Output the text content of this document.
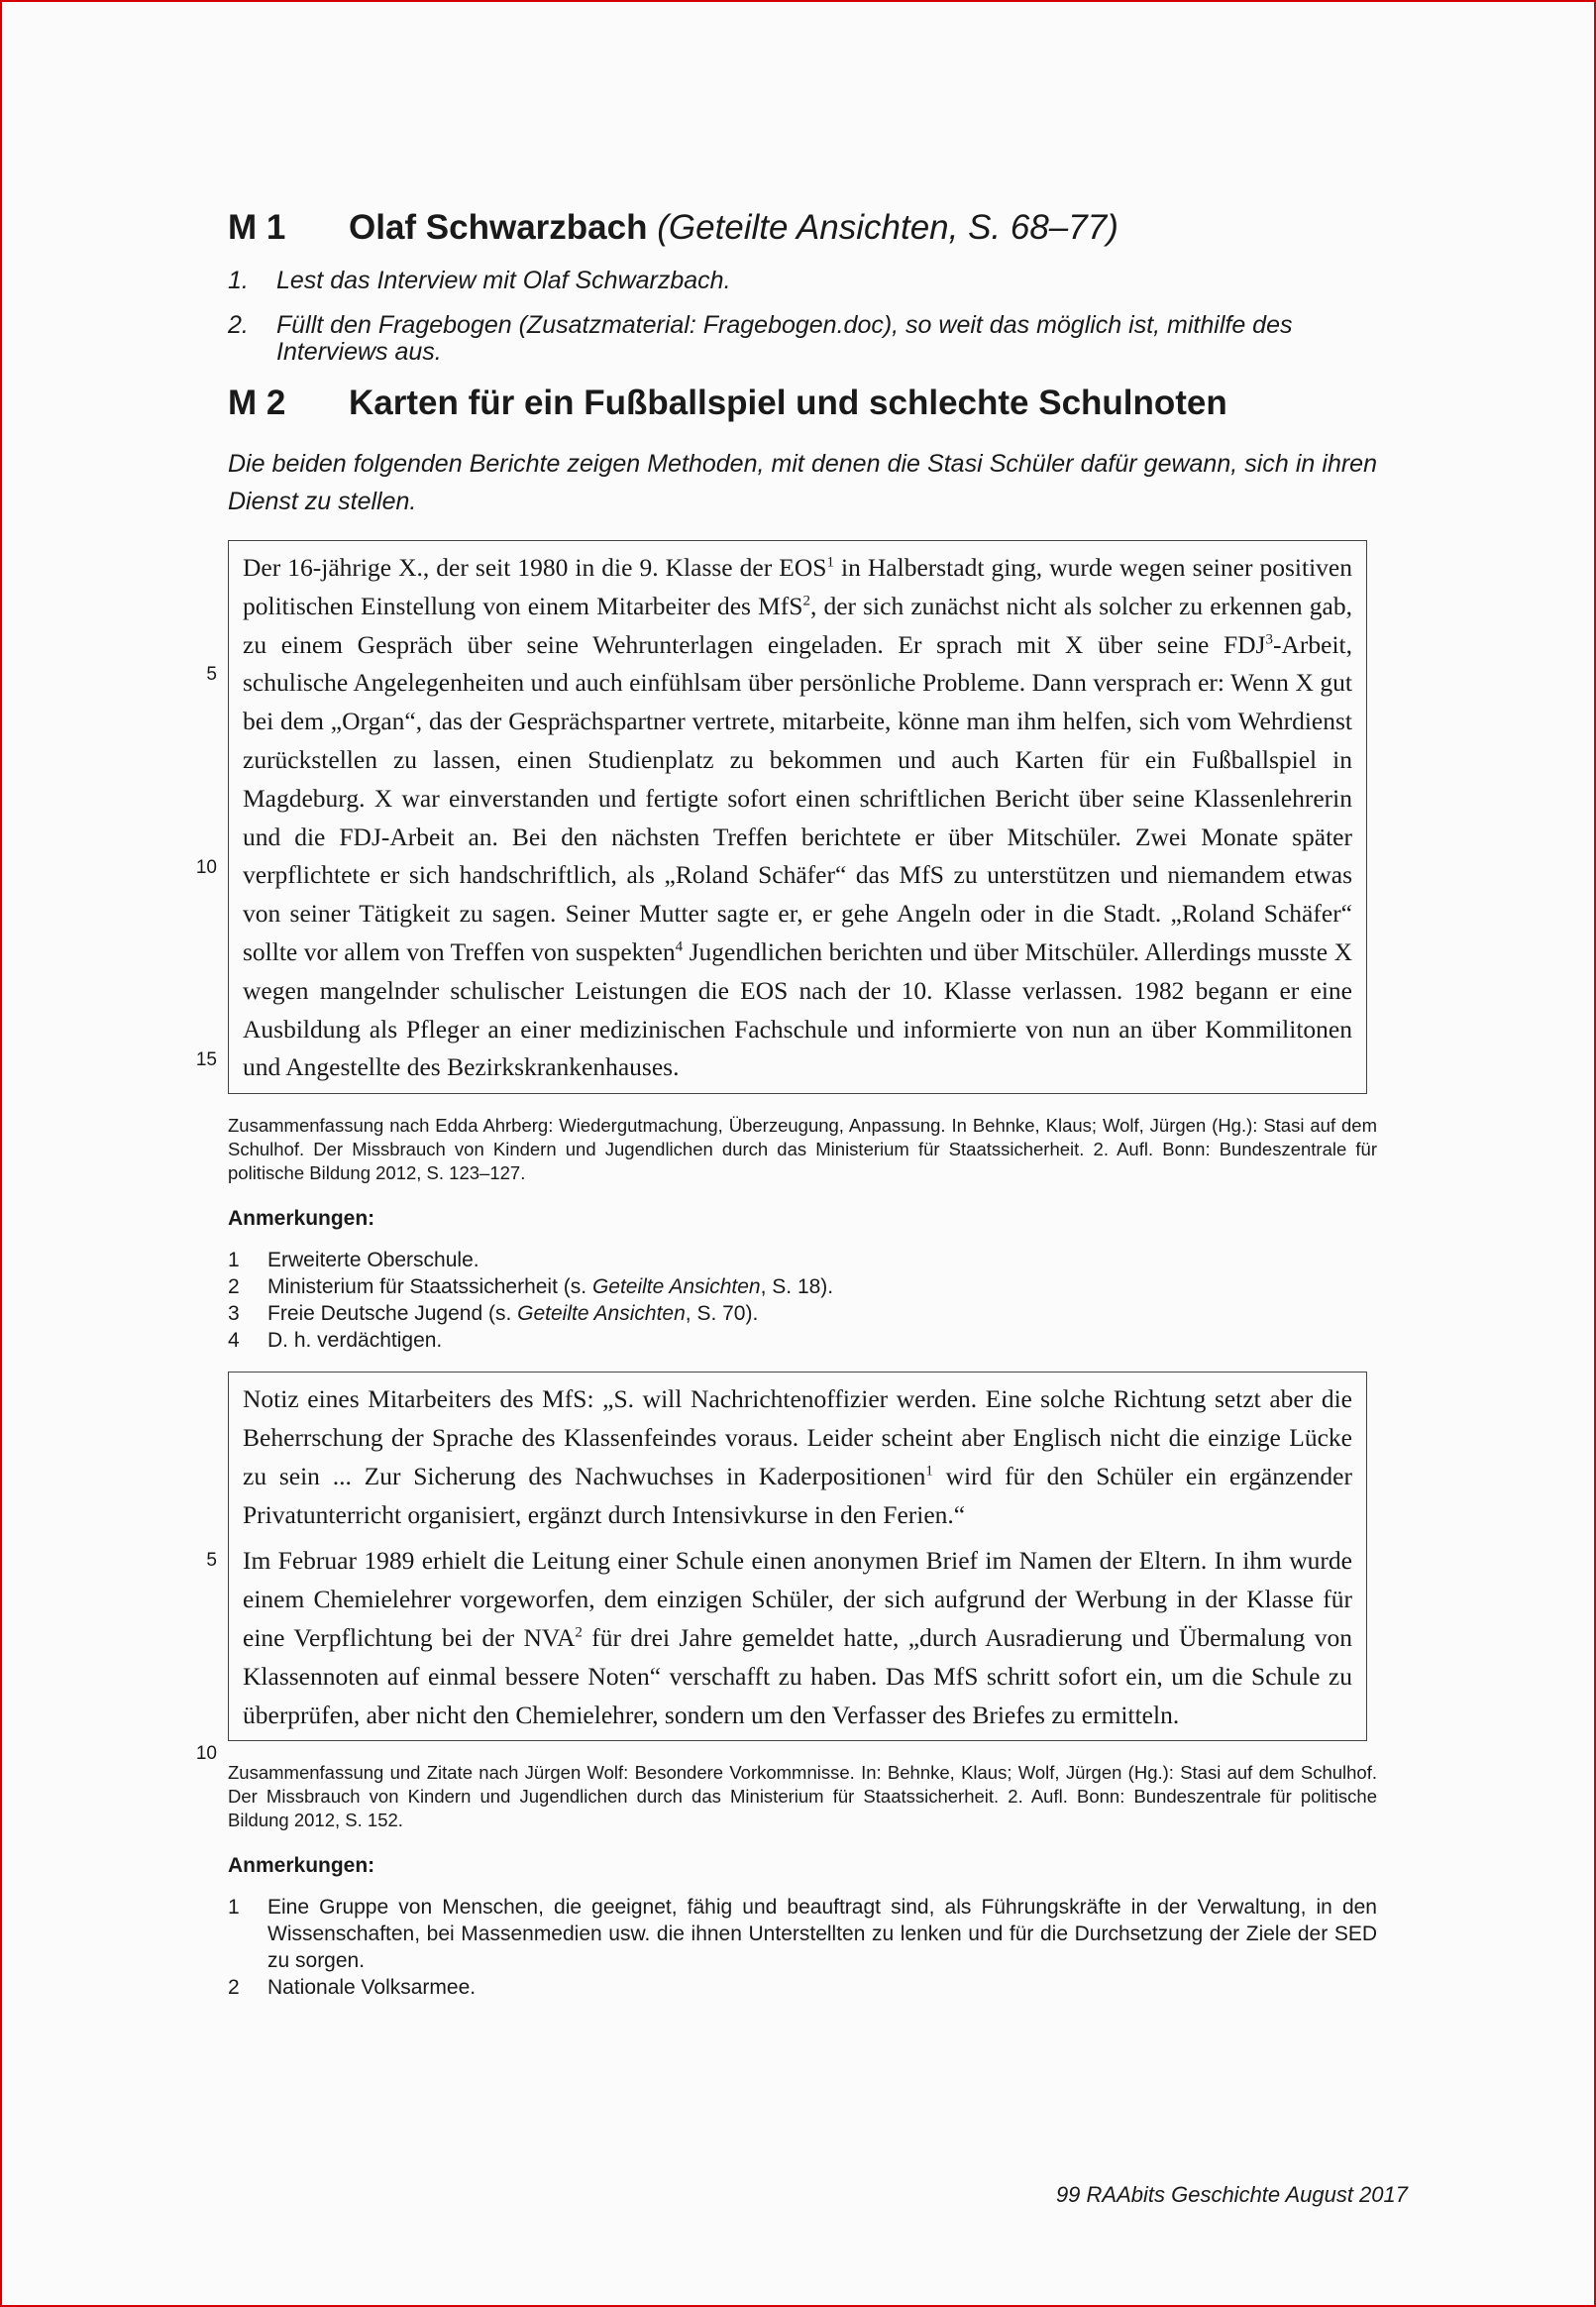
M 1	Olaf Schwarzbach (Geteilte Ansichten, S. 68–77)
1.	Lest das Interview mit Olaf Schwarzbach.
2.	Füllt den Fragebogen (Zusatzmaterial: Fragebogen.doc), so weit das möglich ist, mithilfe des Interviews aus.
M 2	Karten für ein Fußballspiel und schlechte Schulnoten

Die beiden folgenden Berichte zeigen Methoden, mit denen die Stasi Schüler dafür gewann, sich in ihren Dienst zu stellen.

5
10
15

Der 16-jährige X., der seit 1980 in die 9. Klasse der EOS$^1$ in Halberstadt ging, wurde wegen seiner positiven politischen Einstellung von einem Mitarbeiter des MfS$^2$, der sich zunächst nicht als solcher zu erkennen gab, zu einem Gespräch über seine Wehrunterlagen eingeladen. Er sprach mit X über seine FDJ$^3$-Arbeit, schulische Angelegenheiten und auch einfühlsam über persönliche Probleme. Dann versprach er: Wenn X gut bei dem „Organ“, das der Gesprächspartner vertrete, mitarbeite, könne man ihm helfen, sich vom Wehrdienst zurückstellen zu lassen, einen Studienplatz zu bekommen und auch Karten für ein Fußballspiel in Magdeburg. X war einverstanden und fertigte sofort einen schriftlichen Bericht über seine Klassenlehrerin und die FDJ-Arbeit an. Bei den nächsten Treffen berichtete er über Mitschüler. Zwei Monate später verpflichtete er sich handschriftlich, als „Roland Schäfer“ das MfS zu unterstützen und niemandem etwas von seiner Tätigkeit zu sagen. Seiner Mutter sagte er, er gehe Angeln oder in die Stadt. „Roland Schäfer“ sollte vor allem von Treffen von suspekten$^4$ Jugendlichen berichten und über Mitschüler. Allerdings musste X wegen mangelnder schulischer Leistungen die EOS nach der 10. Klasse verlassen. 1982 begann er eine Ausbildung als Pfleger an einer medizinischen Fachschule und informierte von nun an über Kommilitonen und Angestellte des Bezirkskrankenhauses.

Zusammenfassung nach Edda Ahrberg: Wiedergutmachung, Überzeugung, Anpassung. In Behnke, Klaus; Wolf, Jürgen (Hg.): Stasi auf dem Schulhof. Der Missbrauch von Kindern und Jugendlichen durch das Ministerium für Staatssicherheit. 2. Aufl. Bonn: Bundeszentrale für politische Bildung 2012, S. 123–127.

Anmerkungen:

1	Erweiterte Oberschule.
2	Ministerium für Staatssicherheit (s. Geteilte Ansichten, S. 18).
3	Freie Deutsche Jugend (s. Geteilte Ansichten, S. 70).
4	D. h. verdächtigen.
5
10

Notiz eines Mitarbeiters des MfS: „S. will Nachrichtenoffizier werden. Eine solche Richtung setzt aber die Beherrschung der Sprache des Klassenfeindes voraus. Leider scheint aber Englisch nicht die einzige Lücke zu sein ... Zur Sicherung des Nachwuchses in Kaderpositionen$^1$ wird für den Schüler ein ergänzender Privatunterricht organisiert, ergänzt durch Intensivkurse in den Ferien.“

Im Februar 1989 erhielt die Leitung einer Schule einen anonymen Brief im Namen der Eltern. In ihm wurde einem Chemielehrer vorgeworfen, dem einzigen Schüler, der sich aufgrund der Werbung in der Klasse für eine Verpflichtung bei der NVA$^2$ für drei Jahre gemeldet hatte, „durch Ausradierung und Übermalung von Klassennoten auf einmal bessere Noten“ verschafft zu haben. Das MfS schritt sofort ein, um die Schule zu überprüfen, aber nicht den Chemielehrer, sondern um den Verfasser des Briefes zu ermitteln.

Zusammenfassung und Zitate nach Jürgen Wolf: Besondere Vorkommnisse. In: Behnke, Klaus; Wolf, Jürgen (Hg.): Stasi auf dem Schulhof. Der Missbrauch von Kindern und Jugendlichen durch das Ministerium für Staatssicherheit. 2. Aufl. Bonn: Bundeszentrale für politische Bildung 2012, S. 152.

Anmerkungen:

1	Eine Gruppe von Menschen, die geeignet, fähig und beauftragt sind, als Führungskräfte in der Verwaltung, in den Wissenschaften, bei Massenmedien usw. die ihnen Unterstellten zu lenken und für die Durchsetzung der Ziele der SED zu sorgen.
2	Nationale Volksarmee.
99 RAAbits Geschichte August 2017
